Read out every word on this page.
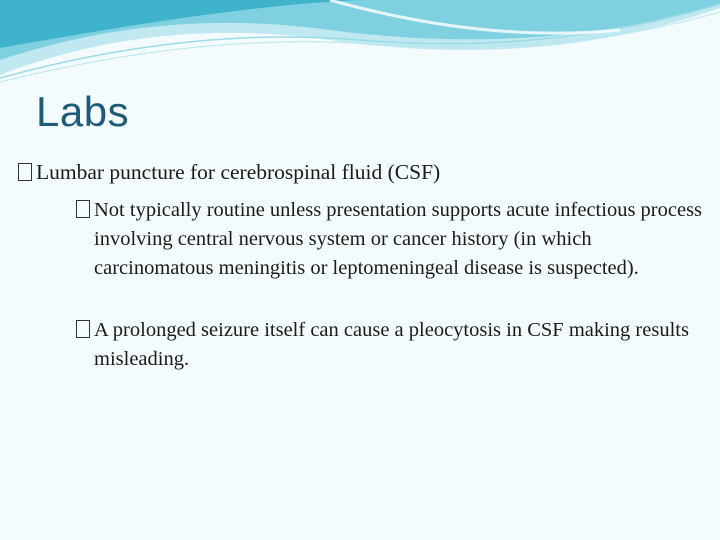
Labs
Lumbar puncture for cerebrospinal fluid (CSF)
Not typically routine unless presentation supports acute infectious process involving central nervous system or cancer history (in which carcinomatous meningitis or leptomeningeal disease is suspected).
A prolonged seizure itself can cause a pleocytosis in CSF making results misleading.
